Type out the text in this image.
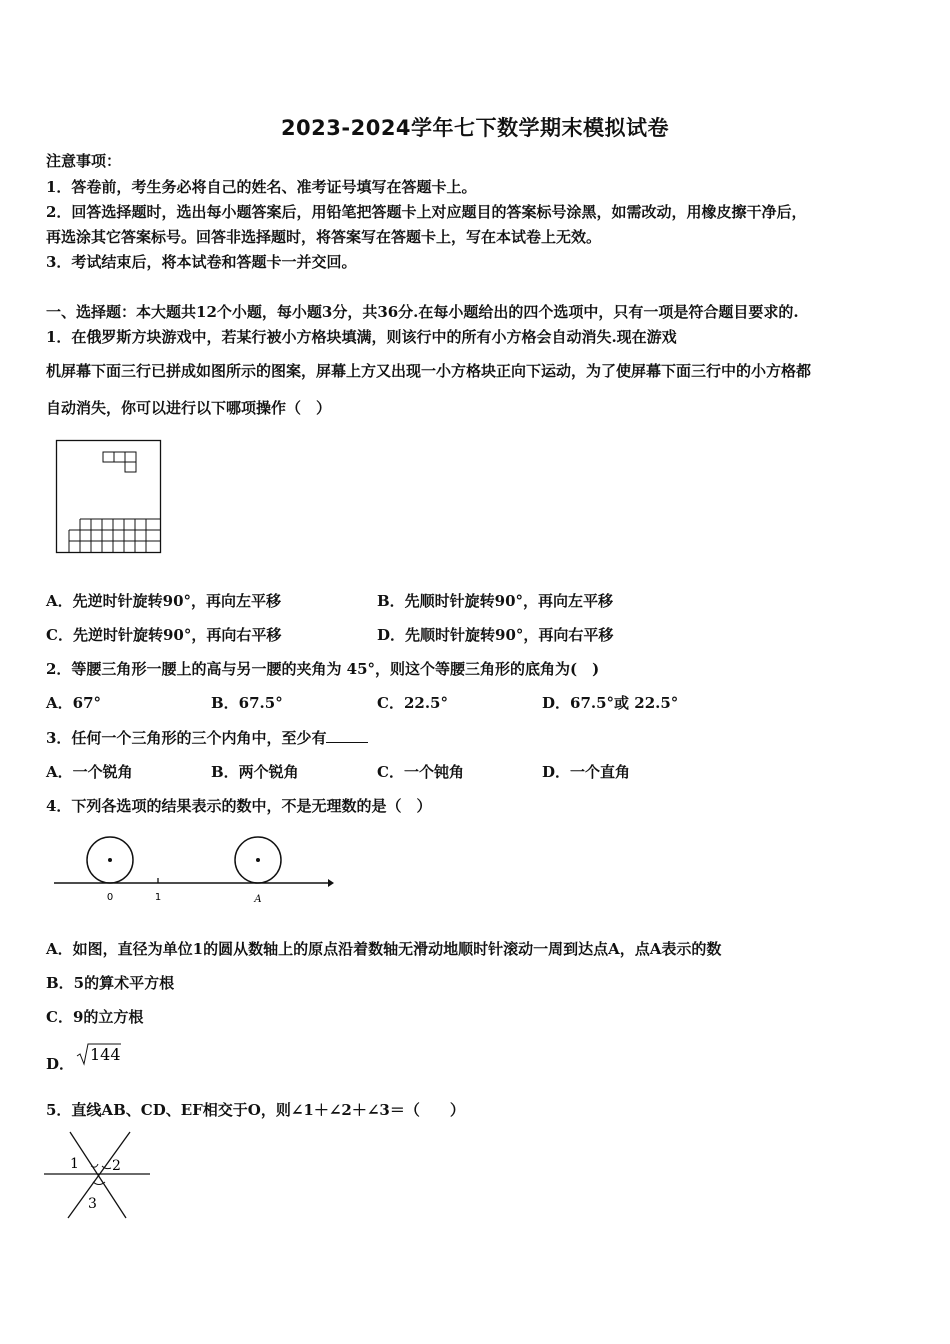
2023-2024学年七下数学期末模拟试卷
注意事项：
1．答卷前，考生务必将自己的姓名、准考证号填写在答题卡上。
2．回答选择题时，选出每小题答案后，用铅笔把答题卡上对应题目的答案标号涂黑，如需改动，用橡皮擦干净后，
再选涂其它答案标号。回答非选择题时，将答案写在答题卡上，写在本试卷上无效。
3．考试结束后，将本试卷和答题卡一并交回。
一、选择题：本大题共12个小题，每小题3分，共36分.在每小题给出的四个选项中，只有一项是符合题目要求的.
1．在俄罗斯方块游戏中，若某行被小方格块填满，则该行中的所有小方格会自动消失.现在游戏
机屏幕下面三行已拼成如图所示的图案，屏幕上方又出现一小方格块正向下运动，为了使屏幕下面三行中的小方格都
自动消失，你可以进行以下哪项操作（　）
A．先逆时针旋转90°，再向左平移	B．先顺时针旋转90°，再向左平移
C．先逆时针旋转90°，再向右平移	D．先顺时针旋转90°，再向右平移
2．等腰三角形一腰上的高与另一腰的夹角为 45°，则这个等腰三角形的底角为(　)
A．67°	B．67.5°	C．22.5°	D．67.5°或 22.5°
3．任何一个三角形的三个内角中，至少有
A．一个锐角	B．两个锐角	C．一个钝角	D．一个直角
4．下列各选项的结果表示的数中，不是无理数的是（　）
0	1	A
A．如图，直径为单位1的圆从数轴上的原点沿着数轴无滑动地顺时针滚动一周到达点A，点A表示的数
B．5的算术平方根
C．9的立方根
D． 144
5．直线AB、CD、EF相交于O，则∠1＋∠2＋∠3＝（　　）
1 2
3
